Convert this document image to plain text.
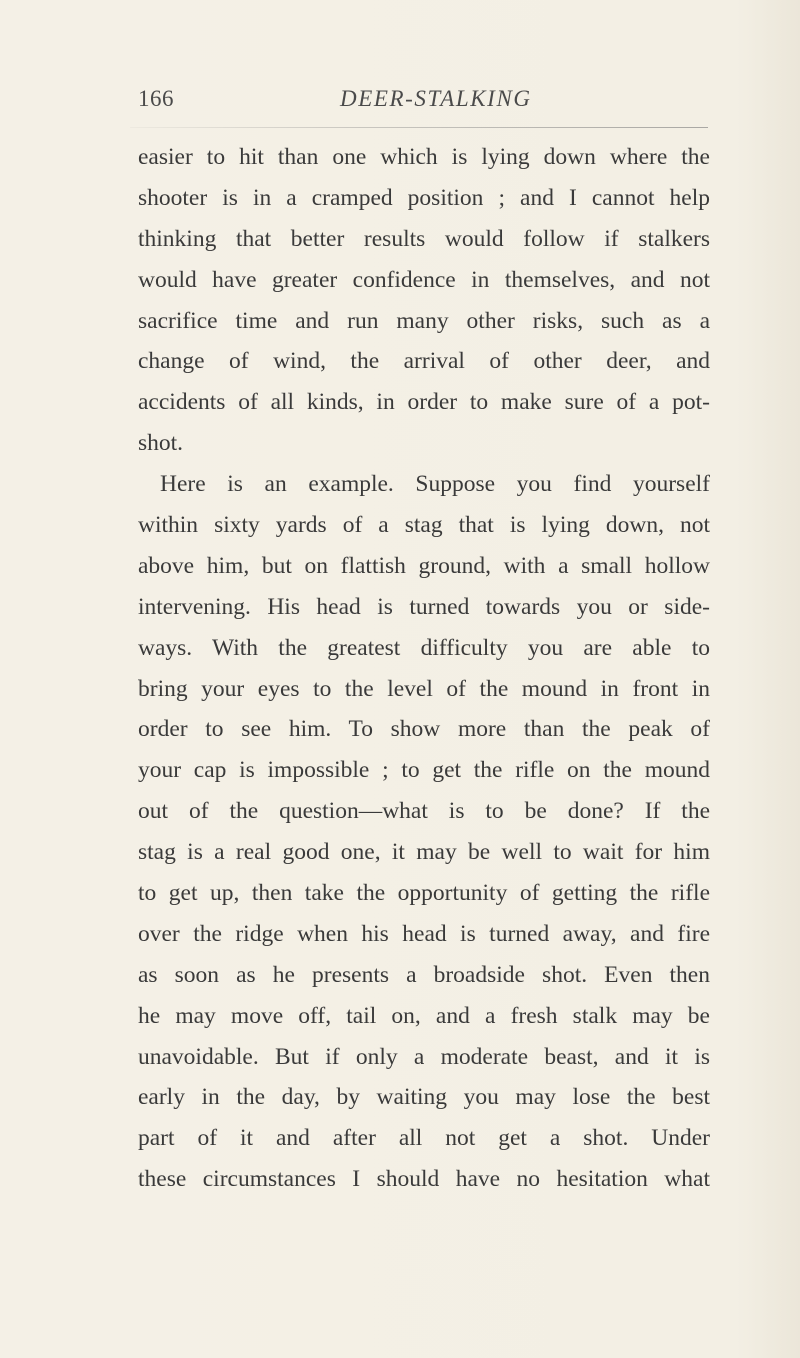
166	DEER-STALKING
easier to hit than one which is lying down where the
shooter is in a cramped position ; and I cannot help
thinking that better results would follow if stalkers
would have greater confidence in themselves, and not
sacrifice time and run many other risks, such as a
change of wind, the arrival of other deer, and
accidents of all kinds, in order to make sure of a pot-
shot.
Here is an example. Suppose you find yourself
within sixty yards of a stag that is lying down, not
above him, but on flattish ground, with a small hollow
intervening. His head is turned towards you or side-
ways. With the greatest difficulty you are able to
bring your eyes to the level of the mound in front in
order to see him. To show more than the peak of
your cap is impossible ; to get the rifle on the mound
out of the question—what is to be done? If the
stag is a real good one, it may be well to wait for him
to get up, then take the opportunity of getting the rifle
over the ridge when his head is turned away, and fire
as soon as he presents a broadside shot. Even then
he may move off, tail on, and a fresh stalk may be
unavoidable. But if only a moderate beast, and it is
early in the day, by waiting you may lose the best
part of it and after all not get a shot. Under
these circumstances I should have no hesitation what
